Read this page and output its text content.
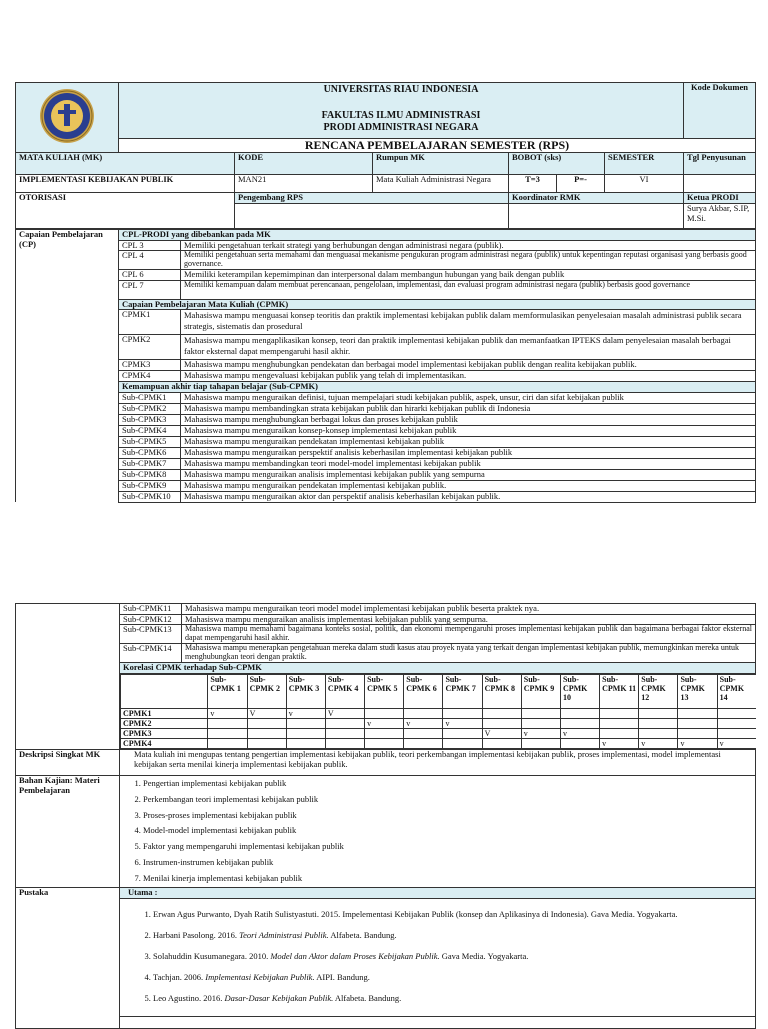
UNIVERSITAS RIAU INDONESIA
FAKULTAS ILMU ADMINISTRASI
PRODI ADMINISTRASI NEGARA						Kode Dokumen
	RENCANA PEMBELAJARAN SEMESTER (RPS)						
MATA KULIAH (MK)		KODE	Rumpun MK	BOBOT (sks)		SEMESTER	Tgl Penyusunan
IMPLEMENTASI KEBIJAKAN PUBLIK		MAN21	Mata Kuliah Administrasi Negara	T=3	P=-	VI	
OTORISASI		Pengembang RPS		Koordinator RMK			Ketua PRODI
							Surya Akbar, S.IP, M.Si.
Capaian Pembelajaran (CP)	CPL-PRODI yang dibebankan pada MK	
	CPL 3	Memiliki pengetahuan terkait strategi yang berhubungan dengan administrasi negara (publik).
	CPL 4	Memiliki pengetahuan serta memahami dan menguasai mekanisme pengukuran program administrasi negara (publik) untuk kepentingan reputasi organisasi yang berbasis good governance.
	CPL 6	Memiliki keterampilan kepemimpinan dan interpersonal dalam membangun hubungan yang baik dengan publik
	CPL 7	Memiliki kemampuan dalam membuat perencanaan, pengelolaan, implementasi, dan evaluasi program administrasi negara (publik) berbasis good governance
	Capaian Pembelajaran Mata Kuliah (CPMK)	
	CPMK1	Mahasiswa mampu menguasai konsep teoritis dan praktik implementasi kebijakan publik dalam memformulasikan penyelesaian masalah administrasi publik secara strategis, sistematis dan prosedural
	CPMK2	Mahasiswa mampu mengaplikasikan konsep, teori dan praktik implementasi kebijakan publik dan memanfaatkan IPTEKS dalam penyelesaian masalah berbagai faktor eksternal dapat mempengaruhi hasil akhir.
	CPMK3	Mahasiswa mampu menghubungkan pendekatan dan berbagai model implementasi kebijakan publik dengan realita kebijakan publik.
	CPMK4	Mahasiswa mampu mengevaluasi kebijakan publik yang telah di implementasikan.
	Kemampuan akhir tiap tahapan belajar (Sub-CPMK)	
	Sub-CPMK1	Mahasiswa mampu menguraikan definisi, tujuan mempelajari studi kebijakan publik, aspek, unsur, ciri dan sifat kebijakan publik
	Sub-CPMK2	Mahasiswa mampu membandingkan strata kebijakan publik dan hirarki kebijakan publik di Indonesia
	Sub-CPMK3	Mahasiswa mampu menghubungkan berbagai lokus dan proses kebijakan publik
	Sub-CPMK4	Mahasiswa mampu menguraikan konsep-konsep implementasi kebijakan publik
	Sub-CPMK5	Mahasiswa mampu menguraikan pendekatan implementasi kebijakan publik
	Sub-CPMK6	Mahasiswa mampu menguraikan perspektif analisis keberhasilan implementasi kebijakan publik
	Sub-CPMK7	Mahasiswa mampu membandingkan teori model-model implementasi kebijakan publik
	Sub-CPMK8	Mahasiswa mampu menguraikan analisis implementasi kebijakan publik yang sempurna
	Sub-CPMK9	Mahasiswa mampu menguraikan pendekatan implementasi kebijakan publik.
	Sub-CPMK10	Mahasiswa mampu menguraikan aktor dan perspektif analisis keberhasilan kebijakan publik.
	Sub-CPMK11	Mahasiswa mampu menguraikan teori model model implementasi kebijakan publik beserta praktek nya.
Sub-CPMK12	Mahasiswa mampu menguraikan analisis implementasi kebijakan publik yang sempurna.
Sub-CPMK13	Mahasiswa mampu memahami bagaimana konteks sosial, politik, dan ekonomi mempengaruhi proses implementasi kebijakan publik dan bagaimana berbagai faktor eksternal dapat mempengaruhi hasil akhir.
Sub-CPMK14	Mahasiswa mampu menerapkan pengetahuan mereka dalam studi kasus atau proyek nyata yang terkait dengan implementasi kebijakan publik, memungkinkan mereka untuk menghubungkan teori dengan praktik.
Korelasi CPMK terhadap Sub-CPMK

	Sub-CPMK 1	Sub-CPMK 2	Sub-CPMK 3	Sub-CPMK 4	Sub-CPMK 5	Sub-CPMK 6	Sub-CPMK 7	Sub-CPMK 8	Sub-CPMK 9	Sub-CPMK 10	Sub-CPMK 11	Sub-CPMK 12	Sub-CPMK 13	Sub-CPMK 14
CPMK1	v	V	v	V										
CPMK2					v	v	v							
CPMK3								V	v	v				
CPMK4											v	v	v	v

Deskripsi Singkat MK	Mata kuliah ini mengupas tentang pengertian implementasi kebijakan publik, teori perkembangan implementasi kebijakan publik, proses implementasi, model implementasi kebijakan serta menilai kinerja implementasi kebijakan publik.
Bahan Kajian: Materi Pembelajaran	
1. Pengertian implementasi kebijakan publik
2. Perkembangan teori implementasi kebijakan publik
3. Proses-proses implementasi kebijakan publik
4. Model-model implementasi kebijakan publik
5. Faktor yang mempengaruhi implementasi kebijakan publik
6. Instrumen-instrumen kebijakan publik
7. Menilai kinerja implementasi kebijakan publik

Pustaka	Utama :

1. Erwan Agus Purwanto, Dyah Ratih Sulistyastuti. 2015. Impelementasi Kebijakan Publik (konsep dan Aplikasinya di Indonesia). Gava Media. Yogyakarta.
2. Harbani Pasolong. 2016. Teori Administrasi Publik. Alfabeta. Bandung.
3. Solahuddin Kusumanegara. 2010. Model dan Aktor dalam Proses Kebijakan Publik. Gava Media. Yogyakarta.
4. Tachjan. 2006. Implementasi Kebijakan Publik. AIPI. Bandung.
5. Leo Agustino. 2016. Dasar-Dasar Kebijakan Publik. Alfabeta. Bandung.
